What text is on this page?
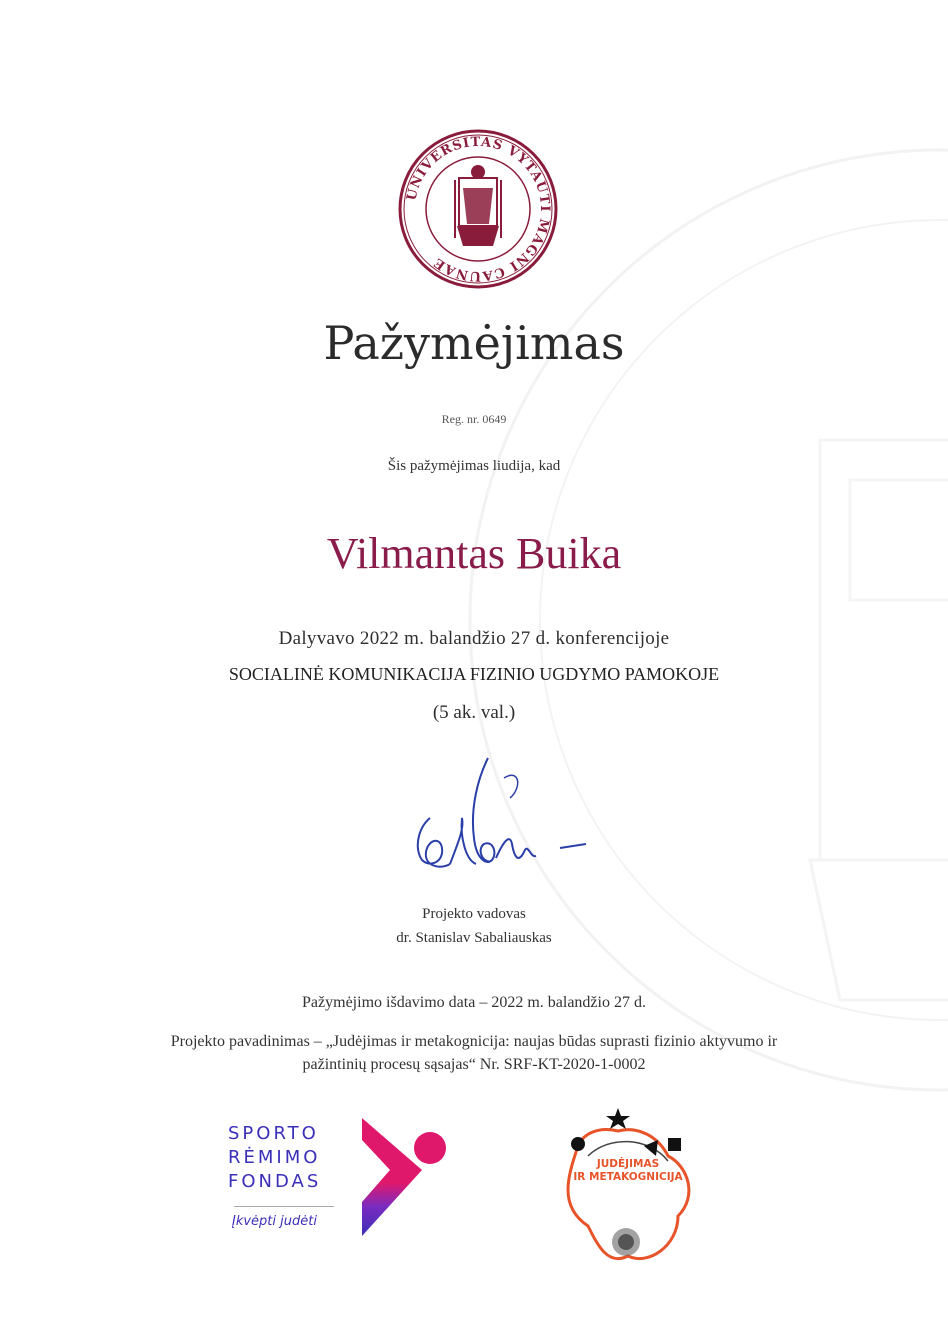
UNIVERSITAS VYTAUTI MAGNI CAUNAE
Pažymėjimas
Reg. nr. 0649
Šis pažymėjimas liudija, kad
Vilmantas Buika
Dalyvavo 2022 m. balandžio 27 d. konferencijoje
SOCIALINĖ KOMUNIKACIJA FIZINIO UGDYMO PAMOKOJE
(5 ak. val.)
Projekto vadovas
dr. Stanislav Sabaliauskas
Pažymėjimo išdavimo data – 2022 m. balandžio 27 d.
Projekto pavadinimas – „Judėjimas ir metakognicija: naujas būdas suprasti fizinio aktyvumo ir
pažintinių procesų sąsajas“ Nr. SRF-KT-2020-1-0002
SPORTO
RĖMIMO
FONDAS
Įkvėpti judėti
JUDĖJIMAS
IR METAKOGNICIJA
